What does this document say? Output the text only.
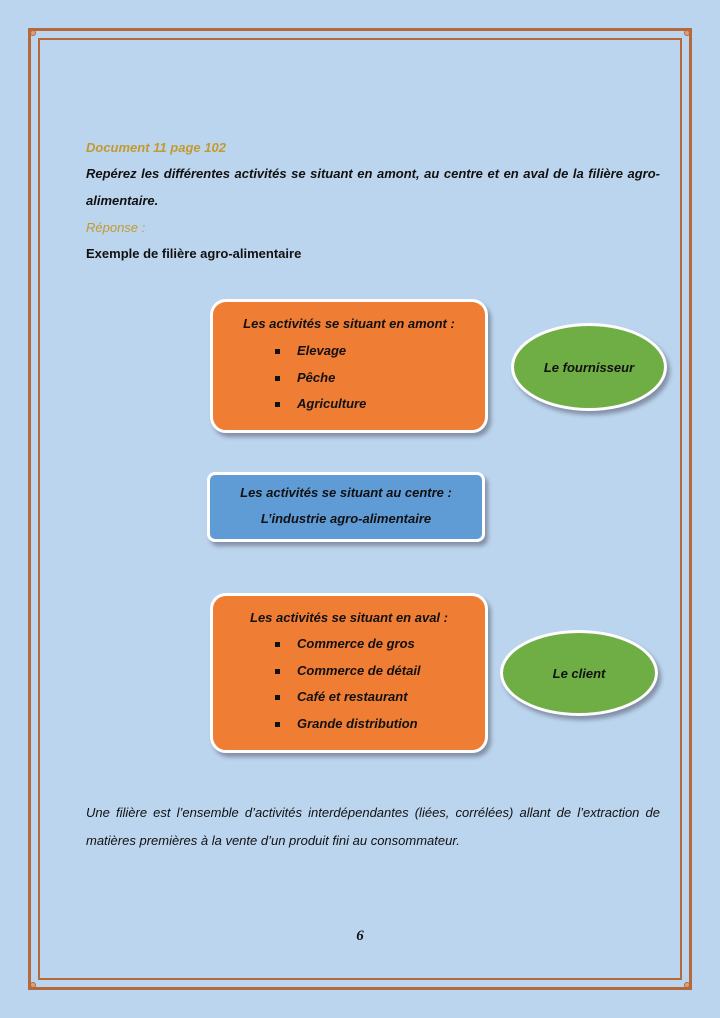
Document 11 page 102
Repérez les différentes activités se situant en amont, au centre et en aval de la filière agro-alimentaire.
Réponse :
Exemple de filière agro-alimentaire
Les activités se situant en amont :
Elevage
Pêche
Agriculture
Le fournisseur
Les activités se situant au centre :
L’industrie agro-alimentaire
Les activités se situant en aval :
Commerce de gros
Commerce de détail
Café et restaurant
Grande distribution
Le client
Une filière est l’ensemble d’activités interdépendantes (liées, corrélées) allant de l’extraction de matières premières à la vente d’un produit fini au consommateur.
6
